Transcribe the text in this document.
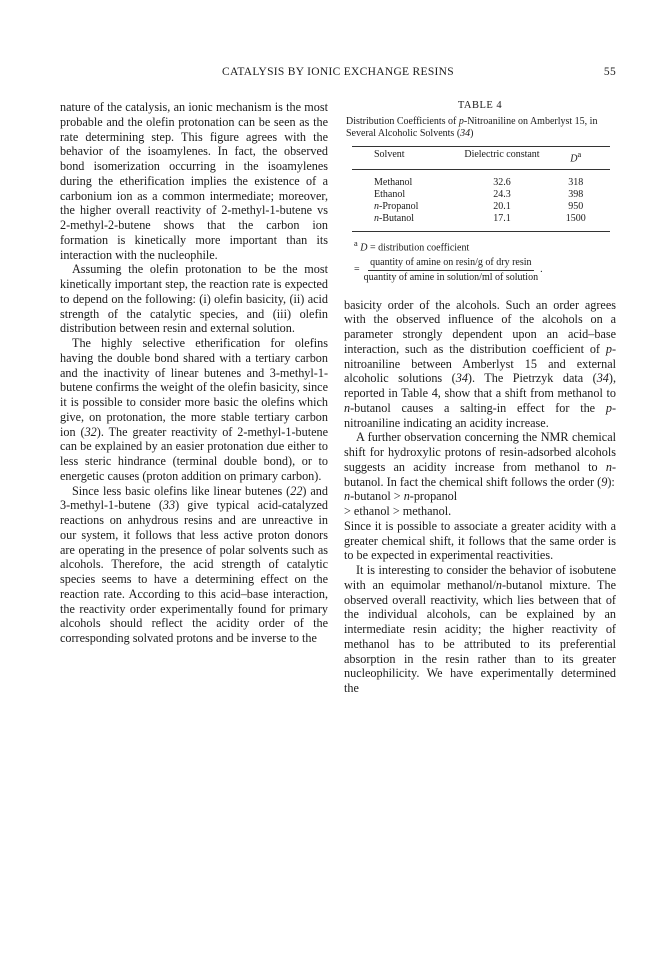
CATALYSIS BY IONIC EXCHANGE RESINS	55

nature of the catalysis, an ionic mechanism is the most probable and the olefin protonation can be seen as the rate determining step. This figure agrees with the behavior of the isoamylenes. In fact, the observed bond isomerization occurring in the isoamylenes during the etherification implies the existence of a carbonium ion as a common intermediate; moreover, the higher overall reactivity of 2-methyl-1-butene vs 2-methyl-2-butene shows that the carbon ion formation is kinetically more important than its interaction with the nucleophile.

Assuming the olefin protonation to be the most kinetically important step, the reaction rate is expected to depend on the following: (i) olefin basicity, (ii) acid strength of the catalytic species, and (iii) olefin distribution between resin and external solution.

The highly selective etherification for olefins having the double bond shared with a tertiary carbon and the inactivity of linear butenes and 3-methyl-1-butene confirms the weight of the olefin basicity, since it is possible to consider more basic the olefins which give, on protonation, the more stable tertiary carbon ion (32). The greater reactivity of 2-methyl-1-butene can be explained by an easier protonation due either to less steric hindrance (terminal double bond), or to energetic causes (proton addition on primary carbon).

Since less basic olefins like linear butenes (22) and 3-methyl-1-butene (33) give typical acid-catalyzed reactions on anhydrous resins and are unreactive in our system, it follows that less active proton donors are operating in the presence of polar solvents such as alcohols. Therefore, the acid strength of catalytic species seems to have a determining effect on the reaction rate. According to this acid–base interaction, the reactivity order experimentally found for primary alcohols should reflect the acidity order of the corresponding solvated protons and be inverse to the

TABLE 4
Distribution Coefficients of p-Nitroaniline on Amberlyst 15, in Several Alcoholic Solvents (34)
Solvent	Dielectric constant	$D^a$
Methanol	32.6	318
Ethanol	24.3	398
n-Propanol	20.1	950
n-Butanol	17.1	1500
$^a$ D = distribution coefficient
= $\frac{\text{quantity of amine on resin/g of dry resin}}{\text{quantity of amine in solution/ml of solution}}$ .

basicity order of the alcohols. Such an order agrees with the observed influence of the alcohols on a parameter strongly dependent upon an acid–base interaction, such as the distribution coefficient of p-nitroaniline between Amberlyst 15 and external alcoholic solutions (34). The Pietrzyk data (34), reported in Table 4, show that a shift from methanol to n-butanol causes a salting-in effect for the p-nitroaniline indicating an acidity increase.

A further observation concerning the NMR chemical shift for hydroxylic protons of resin-adsorbed alcohols suggests an acidity increase from methanol to n-butanol. In fact the chemical shift follows the order (9):

n-butanol > n-propanol

> ethanol > methanol.

Since it is possible to associate a greater acidity with a greater chemical shift, it follows that the same order is to be expected in experimental reactivities.

It is interesting to consider the behavior of isobutene with an equimolar methanol/n-butanol mixture. The observed overall reactivity, which lies between that of the individual alcohols, can be explained by an intermediate resin acidity; the higher reactivity of methanol has to be attributed to its preferential absorption in the resin rather than to its greater nucleophilicity. We have experimentally determined the
